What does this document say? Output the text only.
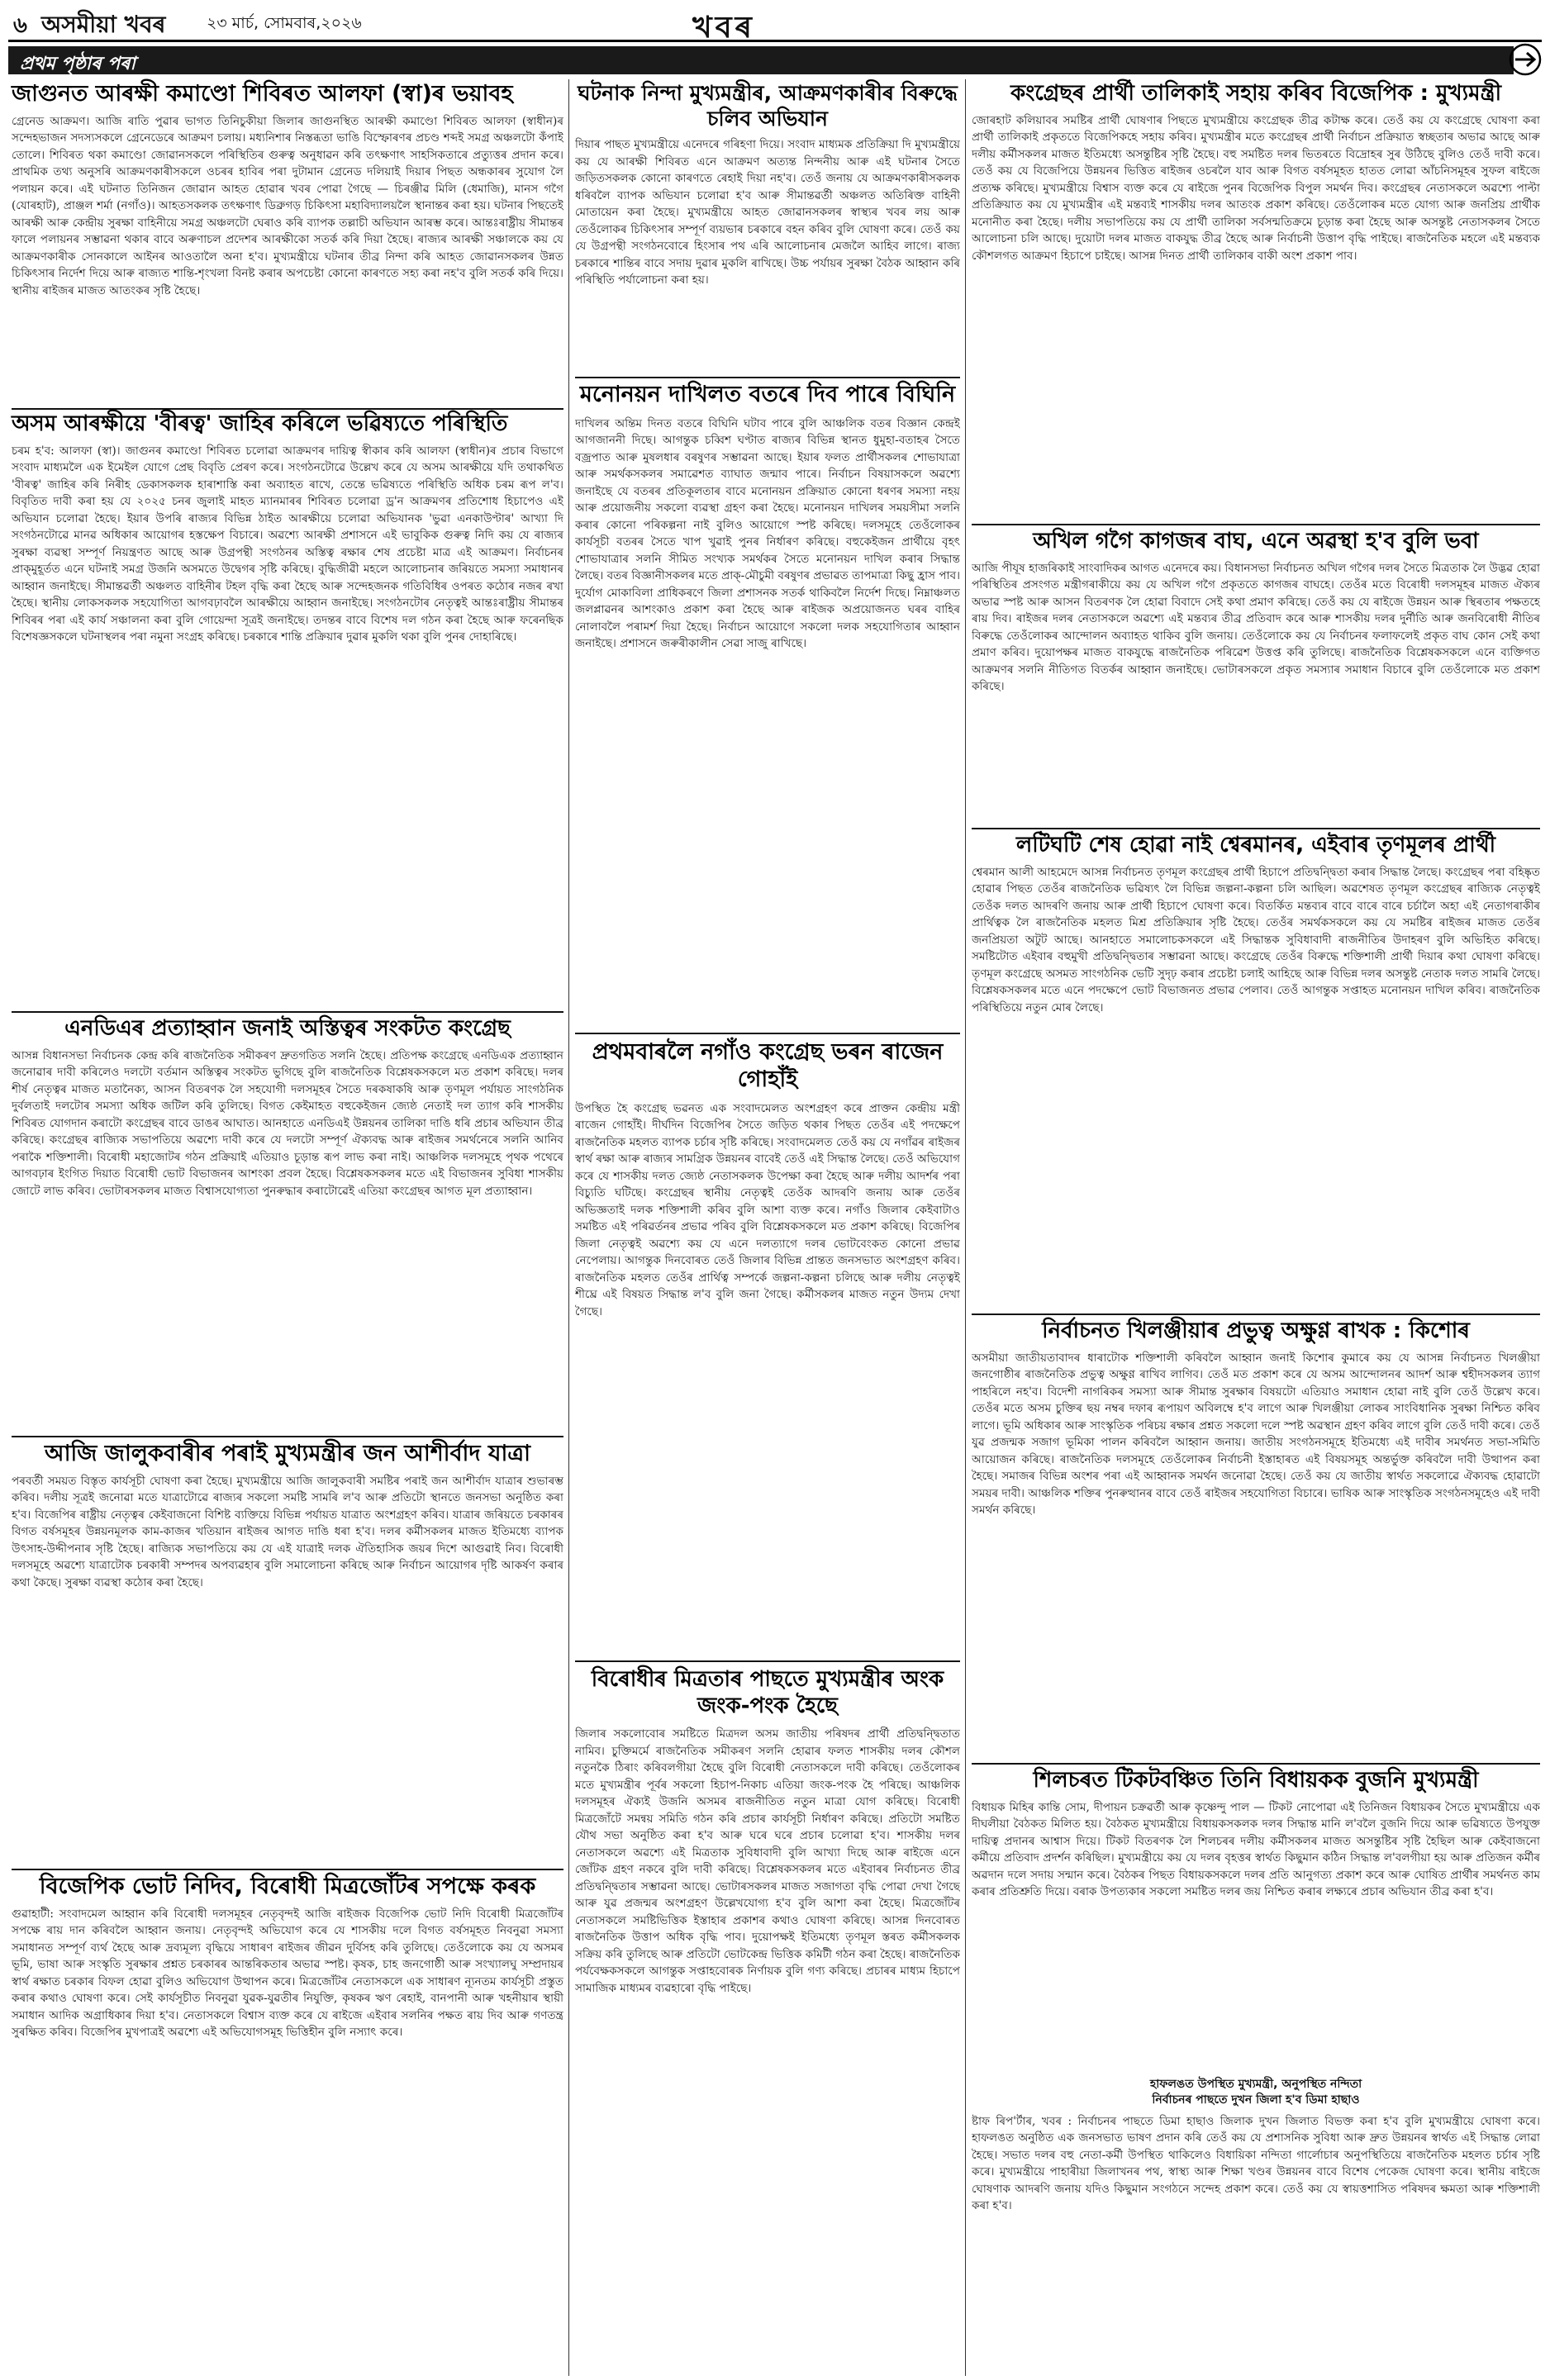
৬ অসমীয়া খবৰ	২৩ মাৰ্চ, সোমবাৰ,২০২৬	খবৰ
প্ৰথম পৃষ্ঠাৰ পৰা
জাগুনত আৰক্ষী কমাণ্ডো শিবিৰত আলফা (স্বা)ৰ ভয়াবহ

গ্ৰেনেড আক্ৰমণ। আজি ৰাতি পুৱাৰ ভাগত তিনিচুকীয়া জিলাৰ জাগুনস্থিত আৰক্ষী কমাণ্ডো শিবিৰত আলফা (স্বাধীন)ৰ সন্দেহভাজন সদস্যসকলে গ্ৰেনেডেৰে আক্ৰমণ চলায়। মধ্যনিশাৰ নিস্তব্ধতা ভাঙি বিস্ফোৰণৰ প্ৰচণ্ড শব্দই সমগ্ৰ অঞ্চলটো কঁপাই তোলে। শিবিৰত থকা কমাণ্ডো জোৱানসকলে পৰিস্থিতিৰ গুৰুত্ব অনুধাৱন কৰি তৎক্ষণাৎ সাহসিকতাৰে প্ৰত্যুত্তৰ প্ৰদান কৰে। প্ৰাথমিক তথ্য অনুসৰি আক্ৰমণকাৰীসকলে ওচৰৰ হাবিৰ পৰা দুটামান গ্ৰেনেড দলিয়াই দিয়াৰ পিছত অন্ধকাৰৰ সুযোগ লৈ পলায়ন কৰে। এই ঘটনাত তিনিজন জোৱান আহত হোৱাৰ খবৰ পোৱা গৈছে — চিৰঞ্জীৱ মিলি (ধেমাজি), মানস গগৈ (যোৰহাট), প্ৰাঞ্জল শৰ্মা (নগাঁও)। আহতসকলক তৎক্ষণাৎ ডিব্ৰুগড় চিকিৎসা মহাবিদ্যালয়লৈ স্থানান্তৰ কৰা হয়। ঘটনাৰ পিছতেই আৰক্ষী আৰু কেন্দ্ৰীয় সুৰক্ষা বাহিনীয়ে সমগ্ৰ অঞ্চলটো ঘেৰাও কৰি ব্যাপক তল্লাচী অভিযান আৰম্ভ কৰে। আন্তঃৰাষ্ট্ৰীয় সীমান্তৰ ফালে পলায়নৰ সম্ভাৱনা থকাৰ বাবে অৰুণাচল প্ৰদেশৰ আৰক্ষীকো সতৰ্ক কৰি দিয়া হৈছে। ৰাজ্যৰ আৰক্ষী সঞ্চালকে কয় যে আক্ৰমণকাৰীক সোনকালে আইনৰ আওতালৈ অনা হ'ব। মুখ্যমন্ত্ৰীয়ে ঘটনাৰ তীব্ৰ নিন্দা কৰি আহত জোৱানসকলৰ উন্নত চিকিৎসাৰ নিৰ্দেশ দিয়ে আৰু ৰাজ্যত শান্তি-শৃংখলা বিনষ্ট কৰাৰ অপচেষ্টা কোনো কাৰণতে সহ্য কৰা নহ'ব বুলি সতৰ্ক কৰি দিয়ে। স্থানীয় ৰাইজৰ মাজত আতংকৰ সৃষ্টি হৈছে।

অসম আৰক্ষীয়ে 'বীৰত্ব' জাহিৰ কৰিলে ভৱিষ্যতে পৰিস্থিতি

চৰম হ'ব: আলফা (স্বা)। জাগুনৰ কমাণ্ডো শিবিৰত চলোৱা আক্ৰমণৰ দায়িত্ব স্বীকাৰ কৰি আলফা (স্বাধীন)ৰ প্ৰচাৰ বিভাগে সংবাদ মাধ্যমলৈ এক ইমেইল যোগে প্ৰেছ বিবৃতি প্ৰেৰণ কৰে। সংগঠনটোৱে উল্লেখ কৰে যে অসম আৰক্ষীয়ে যদি তথাকথিত 'বীৰত্ব' জাহিৰ কৰি নিৰীহ ডেকাসকলক হাৰাশাস্তি কৰা অব্যাহত ৰাখে, তেন্তে ভৱিষ্যতে পৰিস্থিতি অধিক চৰম ৰূপ ল'ব। বিবৃতিত দাবী কৰা হয় যে ২০২৫ চনৰ জুলাই মাহত ম্যানমাৰৰ শিবিৰত চলোৱা ড্ৰ'ন আক্ৰমণৰ প্ৰতিশোধ হিচাপেও এই অভিযান চলোৱা হৈছে। ইয়াৰ উপৰি ৰাজ্যৰ বিভিন্ন ঠাইত আৰক্ষীয়ে চলোৱা অভিযানক 'ভুৱা এনকাউণ্টাৰ' আখ্যা দি সংগঠনটোৱে মানৱ অধিকাৰ আয়োগৰ হস্তক্ষেপ বিচাৰে। অৱশ্যে আৰক্ষী প্ৰশাসনে এই ভাবুকিক গুৰুত্ব নিদি কয় যে ৰাজ্যৰ সুৰক্ষা ব্যৱস্থা সম্পূৰ্ণ নিয়ন্ত্ৰণত আছে আৰু উগ্ৰপন্থী সংগঠনৰ অস্তিত্ব ৰক্ষাৰ শেষ প্ৰচেষ্টা মাত্ৰ এই আক্ৰমণ। নিৰ্বাচনৰ প্ৰাক্‌মুহূৰ্তত এনে ঘটনাই সমগ্ৰ উজনি অসমতে উদ্বেগৰ সৃষ্টি কৰিছে। বুদ্ধিজীৱী মহলে আলোচনাৰ জৰিয়তে সমস্যা সমাধানৰ আহ্বান জনাইছে। সীমান্তৱৰ্তী অঞ্চলত বাহিনীৰ টহল বৃদ্ধি কৰা হৈছে আৰু সন্দেহজনক গতিবিধিৰ ওপৰত কঠোৰ নজৰ ৰখা হৈছে। স্থানীয় লোকসকলক সহযোগিতা আগবঢ়াবলৈ আৰক্ষীয়ে আহ্বান জনাইছে। সংগঠনটোৰ নেতৃত্বই আন্তঃৰাষ্ট্ৰীয় সীমান্তৰ শিবিৰৰ পৰা এই কাৰ্য সঞ্চালনা কৰা বুলি গোয়েন্দা সূত্ৰই জনাইছে। তদন্তৰ বাবে বিশেষ দল গঠন কৰা হৈছে আৰু ফৰেনছিক বিশেষজ্ঞসকলে ঘটনাস্থলৰ পৰা নমুনা সংগ্ৰহ কৰিছে। চৰকাৰে শান্তি প্ৰক্ৰিয়াৰ দুৱাৰ মুকলি থকা বুলি পুনৰ দোহাৰিছে।

এনডিএৰ প্ৰত্যাহ্বান জনাই অস্তিত্বৰ সংকটত কংগ্ৰেছ

আসন্ন বিধানসভা নিৰ্বাচনক কেন্দ্ৰ কৰি ৰাজনৈতিক সমীকৰণ দ্ৰুতগতিত সলনি হৈছে। প্ৰতিপক্ষ কংগ্ৰেছে এনডিএক প্ৰত্যাহ্বান জনোৱাৰ দাবী কৰিলেও দলটো বৰ্তমান অস্তিত্বৰ সংকটত ভুগিছে বুলি ৰাজনৈতিক বিশ্লেষকসকলে মত প্ৰকাশ কৰিছে। দলৰ শীৰ্ষ নেতৃত্বৰ মাজত মতানৈক্য, আসন বিতৰণক লৈ সহযোগী দলসমূহৰ সৈতে দৰকষাকষি আৰু তৃণমূল পৰ্যায়ত সাংগঠনিক দুৰ্বলতাই দলটোৰ সমস্যা অধিক জটিল কৰি তুলিছে। বিগত কেইমাহত বহুকেইজন জ্যেষ্ঠ নেতাই দল ত্যাগ কৰি শাসকীয় শিবিৰত যোগদান কৰাটো কংগ্ৰেছৰ বাবে ডাঙৰ আঘাত। আনহাতে এনডিএই উন্নয়নৰ তালিকা দাঙি ধৰি প্ৰচাৰ অভিযান তীব্ৰ কৰিছে। কংগ্ৰেছৰ ৰাজ্যিক সভাপতিয়ে অৱশ্যে দাবী কৰে যে দলটো সম্পূৰ্ণ ঐক্যবদ্ধ আৰু ৰাইজৰ সমৰ্থনেৰে সলনি আনিব পৰাকৈ শক্তিশালী। বিৰোধী মহাজোটৰ গঠন প্ৰক্ৰিয়াই এতিয়াও চূড়ান্ত ৰূপ লাভ কৰা নাই। আঞ্চলিক দলসমূহে পৃথক পথেৰে আগবঢ়াৰ ইংগিত দিয়াত বিৰোধী ভোট বিভাজনৰ আশংকা প্ৰবল হৈছে। বিশ্লেষকসকলৰ মতে এই বিভাজনৰ সুবিধা শাসকীয় জোটে লাভ কৰিব। ভোটাৰসকলৰ মাজত বিশ্বাসযোগ্যতা পুনৰুদ্ধাৰ কৰাটোৱেই এতিয়া কংগ্ৰেছৰ আগত মূল প্ৰত্যাহ্বান।

আজি জালুকবাৰীৰ পৰাই মুখ্যমন্ত্ৰীৰ জন আশীৰ্বাদ যাত্ৰা

পৰবৰ্তী সময়ত বিস্তৃত কাৰ্যসূচী ঘোষণা কৰা হৈছে। মুখ্যমন্ত্ৰীয়ে আজি জালুকবাৰী সমষ্টিৰ পৰাই জন আশীৰ্বাদ যাত্ৰাৰ শুভাৰম্ভ কৰিব। দলীয় সূত্ৰই জনোৱা মতে যাত্ৰাটোৱে ৰাজ্যৰ সকলো সমষ্টি সামৰি ল'ব আৰু প্ৰতিটো স্থানতে জনসভা অনুষ্ঠিত কৰা হ'ব। বিজেপিৰ ৰাষ্ট্ৰীয় নেতৃত্বৰ কেইবাজনো বিশিষ্ট ব্যক্তিয়ে বিভিন্ন পৰ্যায়ত যাত্ৰাত অংশগ্ৰহণ কৰিব। যাত্ৰাৰ জৰিয়তে চৰকাৰৰ বিগত বৰ্ষসমূহৰ উন্নয়নমূলক কাম-কাজৰ খতিয়ান ৰাইজৰ আগত দাঙি ধৰা হ'ব। দলৰ কৰ্মীসকলৰ মাজত ইতিমধ্যে ব্যাপক উৎসাহ-উদ্দীপনাৰ সৃষ্টি হৈছে। ৰাজ্যিক সভাপতিয়ে কয় যে এই যাত্ৰাই দলক ঐতিহাসিক জয়ৰ দিশে আগুৱাই নিব। বিৰোধী দলসমূহে অৱশ্যে যাত্ৰাটোক চৰকাৰী সম্পদৰ অপব্যৱহাৰ বুলি সমালোচনা কৰিছে আৰু নিৰ্বাচন আয়োগৰ দৃষ্টি আকৰ্ষণ কৰাৰ কথা কৈছে। সুৰক্ষা ব্যৱস্থা কঠোৰ কৰা হৈছে।

বিজেপিক ভোট নিদিব, বিৰোধী মিত্ৰজোঁটৰ সপক্ষে কৰক

গুৱাহাটী: সংবাদমেল আহ্বান কৰি বিৰোধী দলসমূহৰ নেতৃবৃন্দই আজি ৰাইজক বিজেপিক ভোট নিদি বিৰোধী মিত্ৰজোঁটৰ সপক্ষে ৰায় দান কৰিবলৈ আহ্বান জনায়। নেতৃবৃন্দই অভিযোগ কৰে যে শাসকীয় দলে বিগত বৰ্ষসমূহত নিবনুৱা সমস্যা সমাধানত সম্পূৰ্ণ ব্যৰ্থ হৈছে আৰু দ্ৰব্যমূল্য বৃদ্ধিয়ে সাধাৰণ ৰাইজৰ জীৱন দুৰ্বিসহ কৰি তুলিছে। তেওঁলোকে কয় যে অসমৰ ভূমি, ভাষা আৰু সংস্কৃতি সুৰক্ষাৰ প্ৰশ্নত চৰকাৰৰ আন্তৰিকতাৰ অভাৱ স্পষ্ট। কৃষক, চাহ জনগোষ্ঠী আৰু সংখ্যালঘু সম্প্ৰদায়ৰ স্বাৰ্থ ৰক্ষাত চৰকাৰ বিফল হোৱা বুলিও অভিযোগ উত্থাপন কৰে। মিত্ৰজোঁটৰ নেতাসকলে এক সাধাৰণ ন্যূনতম কাৰ্যসূচী প্ৰস্তুত কৰাৰ কথাও ঘোষণা কৰে। সেই কাৰ্যসূচীত নিবনুৱা যুৱক-যুৱতীৰ নিযুক্তি, কৃষকৰ ঋণ ৰেহাই, বানপানী আৰু খহনীয়াৰ স্থায়ী সমাধান আদিক অগ্ৰাধিকাৰ দিয়া হ'ব। নেতাসকলে বিশ্বাস ব্যক্ত কৰে যে ৰাইজে এইবাৰ সলনিৰ পক্ষত ৰায় দিব আৰু গণতন্ত্ৰ সুৰক্ষিত কৰিব। বিজেপিৰ মুখপাত্ৰই অৱশ্যে এই অভিযোগসমূহ ভিত্তিহীন বুলি নস্যাৎ কৰে।

ঘটনাক নিন্দা মুখ্যমন্ত্ৰীৰ, আক্ৰমণকাৰীৰ বিৰুদ্ধে চলিব অভিযান

দিয়াৰ পাছত মুখ্যমন্ত্ৰীয়ে এনেদৰে গৰিহণা দিয়ে। সংবাদ মাধ্যমক প্ৰতিক্ৰিয়া দি মুখ্যমন্ত্ৰীয়ে কয় যে আৰক্ষী শিবিৰত এনে আক্ৰমণ অত্যন্ত নিন্দনীয় আৰু এই ঘটনাৰ সৈতে জড়িতসকলক কোনো কাৰণতে ৰেহাই দিয়া নহ'ব। তেওঁ জনায় যে আক্ৰমণকাৰীসকলক ধৰিবলৈ ব্যাপক অভিযান চলোৱা হ'ব আৰু সীমান্তৱৰ্তী অঞ্চলত অতিৰিক্ত বাহিনী মোতায়েন কৰা হৈছে। মুখ্যমন্ত্ৰীয়ে আহত জোৱানসকলৰ স্বাস্থ্যৰ খবৰ লয় আৰু তেওঁলোকৰ চিকিৎসাৰ সম্পূৰ্ণ ব্যয়ভাৰ চৰকাৰে বহন কৰিব বুলি ঘোষণা কৰে। তেওঁ কয় যে উগ্ৰপন্থী সংগঠনবোৰে হিংসাৰ পথ এৰি আলোচনাৰ মেজলৈ আহিব লাগে। ৰাজ্য চৰকাৰে শান্তিৰ বাবে সদায় দুৱাৰ মুকলি ৰাখিছে। উচ্চ পৰ্যায়ৰ সুৰক্ষা বৈঠক আহ্বান কৰি পৰিস্থিতি পৰ্যালোচনা কৰা হয়।

মনোনয়ন দাখিলত বতৰে দিব পাৰে বিঘিনি

দাখিলৰ অন্তিম দিনত বতৰে বিঘিনি ঘটাব পাৰে বুলি আঞ্চলিক বতৰ বিজ্ঞান কেন্দ্ৰই আগজাননী দিছে। আগন্তুক চব্বিশ ঘণ্টাত ৰাজ্যৰ বিভিন্ন স্থানত ধুমুহা-বতাহৰ সৈতে বজ্ৰপাত আৰু মুষলধাৰ বৰষুণৰ সম্ভাৱনা আছে। ইয়াৰ ফলত প্ৰাৰ্থীসকলৰ শোভাযাত্ৰা আৰু সমৰ্থকসকলৰ সমাৱেশত ব্যাঘাত জন্মাব পাৰে। নিৰ্বাচন বিষয়াসকলে অৱশ্যে জনাইছে যে বতৰৰ প্ৰতিকূলতাৰ বাবে মনোনয়ন প্ৰক্ৰিয়াত কোনো ধৰণৰ সমস্যা নহয় আৰু প্ৰয়োজনীয় সকলো ব্যৱস্থা গ্ৰহণ কৰা হৈছে। মনোনয়ন দাখিলৰ সময়সীমা সলনি কৰাৰ কোনো পৰিকল্পনা নাই বুলিও আয়োগে স্পষ্ট কৰিছে। দলসমূহে তেওঁলোকৰ কাৰ্যসূচী বতৰৰ সৈতে খাপ খুৱাই পুনৰ নিৰ্ধাৰণ কৰিছে। বহুকেইজন প্ৰাৰ্থীয়ে বৃহৎ শোভাযাত্ৰাৰ সলনি সীমিত সংখ্যক সমৰ্থকৰ সৈতে মনোনয়ন দাখিল কৰাৰ সিদ্ধান্ত লৈছে। বতৰ বিজ্ঞানীসকলৰ মতে প্ৰাক্‌-মৌচুমী বৰষুণৰ প্ৰভাৱত তাপমাত্ৰা কিছু হ্ৰাস পাব। দুৰ্যোগ মোকাবিলা প্ৰাধিকৰণে জিলা প্ৰশাসনক সতৰ্ক থাকিবলৈ নিৰ্দেশ দিছে। নিম্নাঞ্চলত জলপ্লাৱনৰ আশংকাও প্ৰকাশ কৰা হৈছে আৰু ৰাইজক অপ্ৰয়োজনত ঘৰৰ বাহিৰ নোলাবলৈ পৰামৰ্শ দিয়া হৈছে। নিৰ্বাচন আয়োগে সকলো দলক সহযোগিতাৰ আহ্বান জনাইছে। প্ৰশাসনে জৰুৰীকালীন সেৱা সাজু ৰাখিছে।

প্ৰথমবাৰলৈ নগাঁও কংগ্ৰেছ ভৰন ৰাজেন গোহাঁই

উপস্থিত হৈ কংগ্ৰেছ ভৱনত এক সংবাদমেলত অংশগ্ৰহণ কৰে প্ৰাক্তন কেন্দ্ৰীয় মন্ত্ৰী ৰাজেন গোহাঁই। দীৰ্ঘদিন বিজেপিৰ সৈতে জড়িত থকাৰ পিছত তেওঁৰ এই পদক্ষেপে ৰাজনৈতিক মহলত ব্যাপক চৰ্চাৰ সৃষ্টি কৰিছে। সংবাদমেলত তেওঁ কয় যে নগাঁৱৰ ৰাইজৰ স্বাৰ্থ ৰক্ষা আৰু ৰাজ্যৰ সামগ্ৰিক উন্নয়নৰ বাবেই তেওঁ এই সিদ্ধান্ত লৈছে। তেওঁ অভিযোগ কৰে যে শাসকীয় দলত জ্যেষ্ঠ নেতাসকলক উপেক্ষা কৰা হৈছে আৰু দলীয় আদৰ্শৰ পৰা বিচ্যুতি ঘটিছে। কংগ্ৰেছৰ স্থানীয় নেতৃত্বই তেওঁক আদৰণি জনায় আৰু তেওঁৰ অভিজ্ঞতাই দলক শক্তিশালী কৰিব বুলি আশা ব্যক্ত কৰে। নগাঁও জিলাৰ কেইবাটাও সমষ্টিত এই পৰিৱৰ্তনৰ প্ৰভাৱ পৰিব বুলি বিশ্লেষকসকলে মত প্ৰকাশ কৰিছে। বিজেপিৰ জিলা নেতৃত্বই অৱশ্যে কয় যে এনে দলত্যাগে দলৰ ভোটবেংকত কোনো প্ৰভাৱ নেপেলায়। আগন্তুক দিনবোৰত তেওঁ জিলাৰ বিভিন্ন প্ৰান্তত জনসভাত অংশগ্ৰহণ কৰিব। ৰাজনৈতিক মহলত তেওঁৰ প্ৰাৰ্থিত্ব সম্পৰ্কে জল্পনা-কল্পনা চলিছে আৰু দলীয় নেতৃত্বই শীঘ্ৰে এই বিষয়ত সিদ্ধান্ত ল'ব বুলি জনা গৈছে। কৰ্মীসকলৰ মাজত নতুন উদ্যম দেখা গৈছে।

বিৰোধীৰ মিত্ৰতাৰ পাছতে মুখ্যমন্ত্ৰীৰ অংক জংক-পংক হৈছে

জিলাৰ সকলোবোৰ সমষ্টিতে মিত্ৰদল অসম জাতীয় পৰিষদৰ প্ৰাৰ্থী প্ৰতিদ্বন্দ্বিতাত নামিব। চুক্তিমৰ্মে ৰাজনৈতিক সমীকৰণ সলনি হোৱাৰ ফলত শাসকীয় দলৰ কৌশল নতুনকৈ ঠিৰাং কৰিবলগীয়া হৈছে বুলি বিৰোধী নেতাসকলে দাবী কৰিছে। তেওঁলোকৰ মতে মুখ্যমন্ত্ৰীৰ পূৰ্বৰ সকলো হিচাপ-নিকাচ এতিয়া জংক-পংক হৈ পৰিছে। আঞ্চলিক দলসমূহৰ ঐক্যই উজনি অসমৰ ৰাজনীতিত নতুন মাত্ৰা যোগ কৰিছে। বিৰোধী মিত্ৰজোঁটে সমন্বয় সমিতি গঠন কৰি প্ৰচাৰ কাৰ্যসূচী নিৰ্ধাৰণ কৰিছে। প্ৰতিটো সমষ্টিত যৌথ সভা অনুষ্ঠিত কৰা হ'ব আৰু ঘৰে ঘৰে প্ৰচাৰ চলোৱা হ'ব। শাসকীয় দলৰ নেতাসকলে অৱশ্যে এই মিত্ৰতাক সুবিধাবাদী বুলি আখ্যা দিছে আৰু ৰাইজে এনে জোঁটক গ্ৰহণ নকৰে বুলি দাবী কৰিছে। বিশ্লেষকসকলৰ মতে এইবাৰৰ নিৰ্বাচনত তীব্ৰ প্ৰতিদ্বন্দ্বিতাৰ সম্ভাৱনা আছে। ভোটাৰসকলৰ মাজত সজাগতা বৃদ্ধি পোৱা দেখা গৈছে আৰু যুৱ প্ৰজন্মৰ অংশগ্ৰহণ উল্লেখযোগ্য হ'ব বুলি আশা কৰা হৈছে। মিত্ৰজোঁটৰ নেতাসকলে সমষ্টিভিত্তিক ইস্তাহাৰ প্ৰকাশৰ কথাও ঘোষণা কৰিছে। আসন্ন দিনবোৰত ৰাজনৈতিক উত্তাপ অধিক বৃদ্ধি পাব। দুয়োপক্ষই ইতিমধ্যে তৃণমূল স্তৰত কৰ্মীসকলক সক্ৰিয় কৰি তুলিছে আৰু প্ৰতিটো ভোটকেন্দ্ৰ ভিত্তিক কমিটী গঠন কৰা হৈছে। ৰাজনৈতিক পৰ্যবেক্ষকসকলে আগন্তুক সপ্তাহবোৰক নিৰ্ণায়ক বুলি গণ্য কৰিছে। প্ৰচাৰৰ মাধ্যম হিচাপে সামাজিক মাধ্যমৰ ব্যৱহাৰো বৃদ্ধি পাইছে।

কংগ্ৰেছৰ প্ৰাৰ্থী তালিকাই সহায় কৰিব বিজেপিক : মুখ্যমন্ত্ৰী

জোৰহাট কলিয়াবৰ সমষ্টিৰ প্ৰাৰ্থী ঘোষণাৰ পিছতে মুখ্যমন্ত্ৰীয়ে কংগ্ৰেছক তীব্ৰ কটাক্ষ কৰে। তেওঁ কয় যে কংগ্ৰেছে ঘোষণা কৰা প্ৰাৰ্থী তালিকাই প্ৰকৃততে বিজেপিকহে সহায় কৰিব। মুখ্যমন্ত্ৰীৰ মতে কংগ্ৰেছৰ প্ৰাৰ্থী নিৰ্বাচন প্ৰক্ৰিয়াত স্বচ্ছতাৰ অভাৱ আছে আৰু দলীয় কৰ্মীসকলৰ মাজত ইতিমধ্যে অসন্তুষ্টিৰ সৃষ্টি হৈছে। বহু সমষ্টিত দলৰ ভিতৰতে বিদ্ৰোহৰ সুৰ উঠিছে বুলিও তেওঁ দাবী কৰে। তেওঁ কয় যে বিজেপিয়ে উন্নয়নৰ ভিত্তিত ৰাইজৰ ওচৰলৈ যাব আৰু বিগত বৰ্ষসমূহত হাতত লোৱা আঁচনিসমূহৰ সুফল ৰাইজে প্ৰত্যক্ষ কৰিছে। মুখ্যমন্ত্ৰীয়ে বিশ্বাস ব্যক্ত কৰে যে ৰাইজে পুনৰ বিজেপিক বিপুল সমৰ্থন দিব। কংগ্ৰেছৰ নেতাসকলে অৱশ্যে পাল্টা প্ৰতিক্ৰিয়াত কয় যে মুখ্যমন্ত্ৰীৰ এই মন্তব্যই শাসকীয় দলৰ আতংক প্ৰকাশ কৰিছে। তেওঁলোকৰ মতে যোগ্য আৰু জনপ্ৰিয় প্ৰাৰ্থীক মনোনীত কৰা হৈছে। দলীয় সভাপতিয়ে কয় যে প্ৰাৰ্থী তালিকা সৰ্বসন্মতিক্ৰমে চূড়ান্ত কৰা হৈছে আৰু অসন্তুষ্ট নেতাসকলৰ সৈতে আলোচনা চলি আছে। দুয়োটা দলৰ মাজত বাকযুদ্ধ তীব্ৰ হৈছে আৰু নিৰ্বাচনী উত্তাপ বৃদ্ধি পাইছে। ৰাজনৈতিক মহলে এই মন্তব্যক কৌশলগত আক্ৰমণ হিচাপে চাইছে। আসন্ন দিনত প্ৰাৰ্থী তালিকাৰ বাকী অংশ প্ৰকাশ পাব।

অখিল গগৈ কাগজৰ বাঘ, এনে অৱস্থা হ'ব বুলি ভবা

আজি পীযূষ হাজৰিকাই সাংবাদিকৰ আগত এনেদৰে কয়। বিধানসভা নিৰ্বাচনত অখিল গগৈৰ দলৰ সৈতে মিত্ৰতাক লৈ উদ্ভৱ হোৱা পৰিস্থিতিৰ প্ৰসংগত মন্ত্ৰীগৰাকীয়ে কয় যে অখিল গগৈ প্ৰকৃততে কাগজৰ বাঘহে। তেওঁৰ মতে বিৰোধী দলসমূহৰ মাজত ঐক্যৰ অভাৱ স্পষ্ট আৰু আসন বিতৰণক লৈ হোৱা বিবাদে সেই কথা প্ৰমাণ কৰিছে। তেওঁ কয় যে ৰাইজে উন্নয়ন আৰু স্থিৰতাৰ পক্ষতহে ৰায় দিব। ৰাইজৰ দলৰ নেতাসকলে অৱশ্যে এই মন্তব্যৰ তীব্ৰ প্ৰতিবাদ কৰে আৰু শাসকীয় দলৰ দুৰ্নীতি আৰু জনবিৰোধী নীতিৰ বিৰুদ্ধে তেওঁলোকৰ আন্দোলন অব্যাহত থাকিব বুলি জনায়। তেওঁলোকে কয় যে নিৰ্বাচনৰ ফলাফলেই প্ৰকৃত বাঘ কোন সেই কথা প্ৰমাণ কৰিব। দুয়োপক্ষৰ মাজত বাকযুদ্ধে ৰাজনৈতিক পৰিৱেশ উত্তপ্ত কৰি তুলিছে। ৰাজনৈতিক বিশ্লেষকসকলে এনে ব্যক্তিগত আক্ৰমণৰ সলনি নীতিগত বিতৰ্কৰ আহ্বান জনাইছে। ভোটাৰসকলে প্ৰকৃত সমস্যাৰ সমাধান বিচাৰে বুলি তেওঁলোকে মত প্ৰকাশ কৰিছে।

লটিঘটি শেষ হোৱা নাই শ্বেৰমানৰ, এইবাৰ তৃণমূলৰ প্ৰাৰ্থী

শ্বেৰমান আলী আহমেদে আসন্ন নিৰ্বাচনত তৃণমূল কংগ্ৰেছৰ প্ৰাৰ্থী হিচাপে প্ৰতিদ্বন্দ্বিতা কৰাৰ সিদ্ধান্ত লৈছে। কংগ্ৰেছৰ পৰা বহিষ্কৃত হোৱাৰ পিছত তেওঁৰ ৰাজনৈতিক ভৱিষ্যৎ লৈ বিভিন্ন জল্পনা-কল্পনা চলি আছিল। অৱশেষত তৃণমূল কংগ্ৰেছৰ ৰাজ্যিক নেতৃত্বই তেওঁক দলত আদৰণি জনায় আৰু প্ৰাৰ্থী হিচাপে ঘোষণা কৰে। বিতৰ্কিত মন্তব্যৰ বাবে বাৰে বাৰে চৰ্চালৈ অহা এই নেতাগৰাকীৰ প্ৰাৰ্থিত্বক লৈ ৰাজনৈতিক মহলত মিশ্ৰ প্ৰতিক্ৰিয়াৰ সৃষ্টি হৈছে। তেওঁৰ সমৰ্থকসকলে কয় যে সমষ্টিৰ ৰাইজৰ মাজত তেওঁৰ জনপ্ৰিয়তা অটুট আছে। আনহাতে সমালোচকসকলে এই সিদ্ধান্তক সুবিধাবাদী ৰাজনীতিৰ উদাহৰণ বুলি অভিহিত কৰিছে। সমষ্টিটোত এইবাৰ বহুমুখী প্ৰতিদ্বন্দ্বিতাৰ সম্ভাৱনা আছে। কংগ্ৰেছে তেওঁৰ বিৰুদ্ধে শক্তিশালী প্ৰাৰ্থী দিয়াৰ কথা ঘোষণা কৰিছে। তৃণমূল কংগ্ৰেছে অসমত সাংগঠনিক ভেটি সুদৃঢ় কৰাৰ প্ৰচেষ্টা চলাই আহিছে আৰু বিভিন্ন দলৰ অসন্তুষ্ট নেতাক দলত সামৰি লৈছে। বিশ্লেষকসকলৰ মতে এনে পদক্ষেপে ভোট বিভাজনত প্ৰভাৱ পেলাব। তেওঁ আগন্তুক সপ্তাহত মনোনয়ন দাখিল কৰিব। ৰাজনৈতিক পৰিস্থিতিয়ে নতুন মোৰ লৈছে।

নিৰ্বাচনত খিলঞ্জীয়াৰ প্ৰভুত্ব অক্ষুণ্ণ ৰাখক : কিশোৰ

অসমীয়া জাতীয়তাবাদৰ ধাৰাটোক শক্তিশালী কৰিবলৈ আহ্বান জনাই কিশোৰ কুমাৰে কয় যে আসন্ন নিৰ্বাচনত খিলঞ্জীয়া জনগোষ্ঠীৰ ৰাজনৈতিক প্ৰভুত্ব অক্ষুণ্ণ ৰাখিব লাগিব। তেওঁ মত প্ৰকাশ কৰে যে অসম আন্দোলনৰ আদৰ্শ আৰু শ্বহীদসকলৰ ত্যাগ পাহৰিলে নহ'ব। বিদেশী নাগৰিকৰ সমস্যা আৰু সীমান্ত সুৰক্ষাৰ বিষয়টো এতিয়াও সমাধান হোৱা নাই বুলি তেওঁ উল্লেখ কৰে। তেওঁৰ মতে অসম চুক্তিৰ ছয় নম্বৰ দফাৰ ৰূপায়ণ অবিলম্বে হ'ব লাগে আৰু খিলঞ্জীয়া লোকৰ সাংবিধানিক সুৰক্ষা নিশ্চিত কৰিব লাগে। ভূমি অধিকাৰ আৰু সাংস্কৃতিক পৰিচয় ৰক্ষাৰ প্ৰশ্নত সকলো দলে স্পষ্ট অৱস্থান গ্ৰহণ কৰিব লাগে বুলি তেওঁ দাবী কৰে। তেওঁ যুৱ প্ৰজন্মক সজাগ ভূমিকা পালন কৰিবলৈ আহ্বান জনায়। জাতীয় সংগঠনসমূহে ইতিমধ্যে এই দাবীৰ সমৰ্থনত সভা-সমিতি আয়োজন কৰিছে। ৰাজনৈতিক দলসমূহে তেওঁলোকৰ নিৰ্বাচনী ইস্তাহাৰত এই বিষয়সমূহ অন্তৰ্ভুক্ত কৰিবলৈ দাবী উত্থাপন কৰা হৈছে। সমাজৰ বিভিন্ন অংশৰ পৰা এই আহ্বানক সমৰ্থন জনোৱা হৈছে। তেওঁ কয় যে জাতীয় স্বাৰ্থত সকলোৱে ঐক্যবদ্ধ হোৱাটো সময়ৰ দাবী। আঞ্চলিক শক্তিৰ পুনৰুত্থানৰ বাবে তেওঁ ৰাইজৰ সহযোগিতা বিচাৰে। ভাষিক আৰু সাংস্কৃতিক সংগঠনসমূহেও এই দাবী সমৰ্থন কৰিছে।

শিলচৰত টিকটবঞ্চিত তিনি বিধায়কক বুজনি মুখ্যমন্ত্ৰী

বিধায়ক মিহিৰ কান্তি সোম, দীপায়ন চক্ৰৱৰ্তী আৰু কৃষ্ণেন্দু পাল — টিকট নোপোৱা এই তিনিজন বিধায়কৰ সৈতে মুখ্যমন্ত্ৰীয়ে এক দীঘলীয়া বৈঠকত মিলিত হয়। বৈঠকত মুখ্যমন্ত্ৰীয়ে বিধায়কসকলক দলৰ সিদ্ধান্ত মানি ল'বলৈ বুজনি দিয়ে আৰু ভৱিষ্যতে উপযুক্ত দায়িত্ব প্ৰদানৰ আশ্বাস দিয়ে। টিকট বিতৰণক লৈ শিলচৰৰ দলীয় কৰ্মীসকলৰ মাজত অসন্তুষ্টিৰ সৃষ্টি হৈছিল আৰু কেইবাজনো কৰ্মীয়ে প্ৰতিবাদ প্ৰদৰ্শন কৰিছিল। মুখ্যমন্ত্ৰীয়ে কয় যে দলৰ বৃহত্তৰ স্বাৰ্থত কিছুমান কঠিন সিদ্ধান্ত ল'বলগীয়া হয় আৰু প্ৰতিজন কৰ্মীৰ অৱদান দলে সদায় সন্মান কৰে। বৈঠকৰ পিছত বিধায়কসকলে দলৰ প্ৰতি আনুগত্য প্ৰকাশ কৰে আৰু ঘোষিত প্ৰাৰ্থীৰ সমৰ্থনত কাম কৰাৰ প্ৰতিশ্ৰুতি দিয়ে। বৰাক উপত্যকাৰ সকলো সমষ্টিত দলৰ জয় নিশ্চিত কৰাৰ লক্ষ্যৰে প্ৰচাৰ অভিযান তীব্ৰ কৰা হ'ব।

হাফলঙত উপস্থিত মুখ্যমন্ত্ৰী, অনুপস্থিত নন্দিতা
নিৰ্বাচনৰ পাছতে দুখন জিলা হ'ব ডিমা হাছাও

ষ্টাফ ৰিপ'ৰ্টাৰ, খবৰ : নিৰ্বাচনৰ পাছতে ডিমা হাছাও জিলাক দুখন জিলাত বিভক্ত কৰা হ'ব বুলি মুখ্যমন্ত্ৰীয়ে ঘোষণা কৰে। হাফলঙত অনুষ্ঠিত এক জনসভাত ভাষণ প্ৰদান কৰি তেওঁ কয় যে প্ৰশাসনিক সুবিধা আৰু দ্ৰুত উন্নয়নৰ স্বাৰ্থত এই সিদ্ধান্ত লোৱা হৈছে। সভাত দলৰ বহু নেতা-কৰ্মী উপস্থিত থাকিলেও বিধায়িকা নন্দিতা গাৰ্লোচাৰ অনুপস্থিতিয়ে ৰাজনৈতিক মহলত চৰ্চাৰ সৃষ্টি কৰে। মুখ্যমন্ত্ৰীয়ে পাহাৰীয়া জিলাখনৰ পথ, স্বাস্থ্য আৰু শিক্ষা খণ্ডৰ উন্নয়নৰ বাবে বিশেষ পেকেজ ঘোষণা কৰে। স্থানীয় ৰাইজে ঘোষণাক আদৰণি জনায় যদিও কিছুমান সংগঠনে সন্দেহ প্ৰকাশ কৰে। তেওঁ কয় যে স্বায়ত্তশাসিত পৰিষদৰ ক্ষমতা আৰু শক্তিশালী কৰা হ'ব।
